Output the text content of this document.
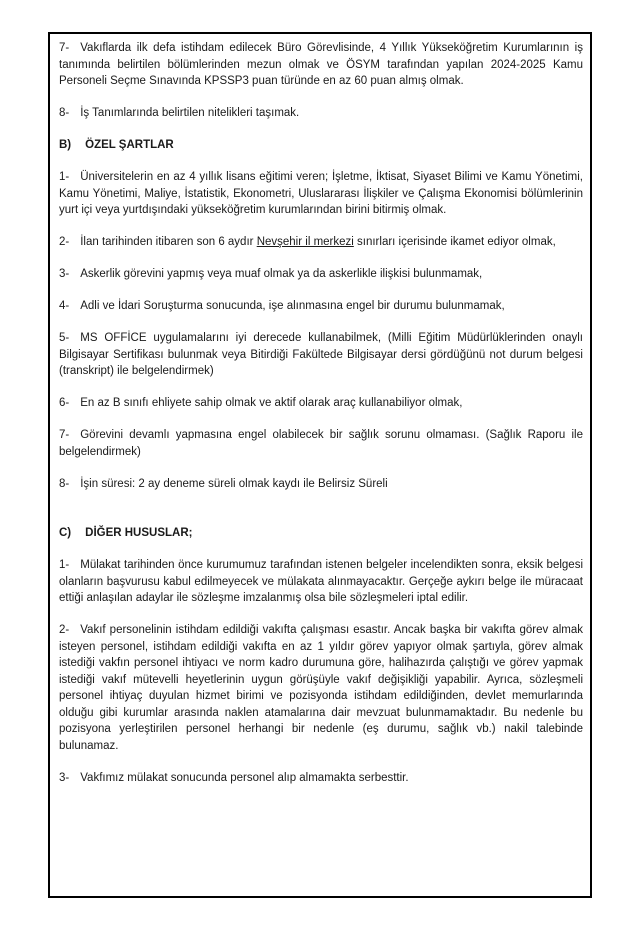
7- Vakıflarda ilk defa istihdam edilecek Büro Görevlisinde, 4 Yıllık Yükseköğretim Kurumlarının iş tanımında belirtilen bölümlerinden mezun olmak ve ÖSYM tarafından yapılan 2024-2025 Kamu Personeli Seçme Sınavında KPSSP3 puan türünde en az 60 puan almış olmak.

8- İş Tanımlarında belirtilen nitelikleri taşımak.

B) ÖZEL ŞARTLAR

1- Üniversitelerin en az 4 yıllık lisans eğitimi veren; İşletme, İktisat, Siyaset Bilimi ve Kamu Yönetimi, Kamu Yönetimi, Maliye, İstatistik, Ekonometri, Uluslararası İlişkiler ve Çalışma Ekonomisi bölümlerinin yurt içi veya yurtdışındaki yükseköğretim kurumlarından birini bitirmiş olmak.

2- İlan tarihinden itibaren son 6 aydır Nevşehir il merkezi sınırları içerisinde ikamet ediyor olmak,

3- Askerlik görevini yapmış veya muaf olmak ya da askerlikle ilişkisi bulunmamak,

4- Adli ve İdari Soruşturma sonucunda, işe alınmasına engel bir durumu bulunmamak,

5- MS OFFİCE uygulamalarını iyi derecede kullanabilmek, (Milli Eğitim Müdürlüklerinden onaylı Bilgisayar Sertifikası bulunmak veya Bitirdiği Fakültede Bilgisayar dersi gördüğünü not durum belgesi (transkript) ile belgelendirmek)

6- En az B sınıfı ehliyete sahip olmak ve aktif olarak araç kullanabiliyor olmak,

7- Görevini devamlı yapmasına engel olabilecek bir sağlık sorunu olmaması. (Sağlık Raporu ile belgelendirmek)

8- İşin süresi: 2 ay deneme süreli olmak kaydı ile Belirsiz Süreli

C) DİĞER HUSUSLAR;

1- Mülakat tarihinden önce kurumumuz tarafından istenen belgeler incelendikten sonra, eksik belgesi olanların başvurusu kabul edilmeyecek ve mülakata alınmayacaktır. Gerçeğe aykırı belge ile müracaat ettiği anlaşılan adaylar ile sözleşme imzalanmış olsa bile sözleşmeleri iptal edilir.

2- Vakıf personelinin istihdam edildiği vakıfta çalışması esastır. Ancak başka bir vakıfta görev almak isteyen personel, istihdam edildiği vakıfta en az 1 yıldır görev yapıyor olmak şartıyla, görev almak istediği vakfın personel ihtiyacı ve norm kadro durumuna göre, halihazırda çalıştığı ve görev yapmak istediği vakıf mütevelli heyetlerinin uygun görüşüyle vakıf değişikliği yapabilir. Ayrıca, sözleşmeli personel ihtiyaç duyulan hizmet birimi ve pozisyonda istihdam edildiğinden, devlet memurlarında olduğu gibi kurumlar arasında naklen atamalarına dair mevzuat bulunmamaktadır. Bu nedenle bu pozisyona yerleştirilen personel herhangi bir nedenle (eş durumu, sağlık vb.) nakil talebinde bulunamaz.

3- Vakfımız mülakat sonucunda personel alıp almamakta serbesttir.
